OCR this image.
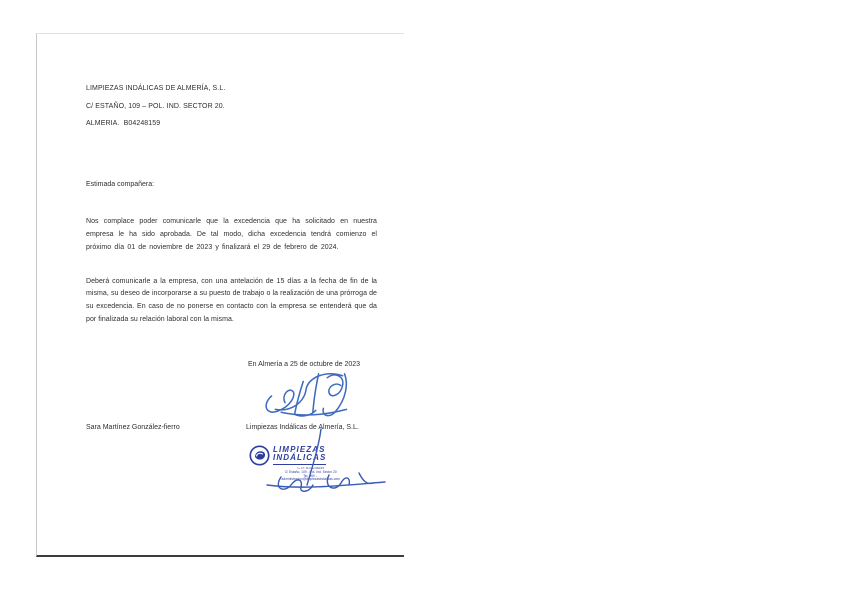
LIMPIEZAS INDÁLICAS DE ALMERÍA, S.L.
C/ ESTAÑO, 109 – POL. IND. SECTOR 20.
ALMERIA.  B04248159
Estimada compañera:
Nos complace poder comunicarle que la excedencia que ha solicitado en nuestra empresa le ha sido aprobada. De tal modo, dicha excedencia tendrá comienzo el próximo día 01 de noviembre de 2023 y finalizará el 29 de febrero de 2024.
Deberá comunicarle a la empresa, con una antelación de 15 días a la fecha de fin de la misma, su deseo de incorporarse a su puesto de trabajo o la realización de una prórroga de su excedencia. En caso de no ponerse en contacto con la empresa se entenderá que da por finalizada su relación laboral con la misma.
En Almería a 25 de octubre de 2023
Sara Martínez González-fierro	Limpiezas Indálicas de Almería, S.L.
LIMPIEZAS
INDÁLICAS
C.I.F. B-04248159
C/ Estaño, 109 - Pol. Ind. Sector 20
Tel. 950 ...
administracion@limpiezasindalicas.com
